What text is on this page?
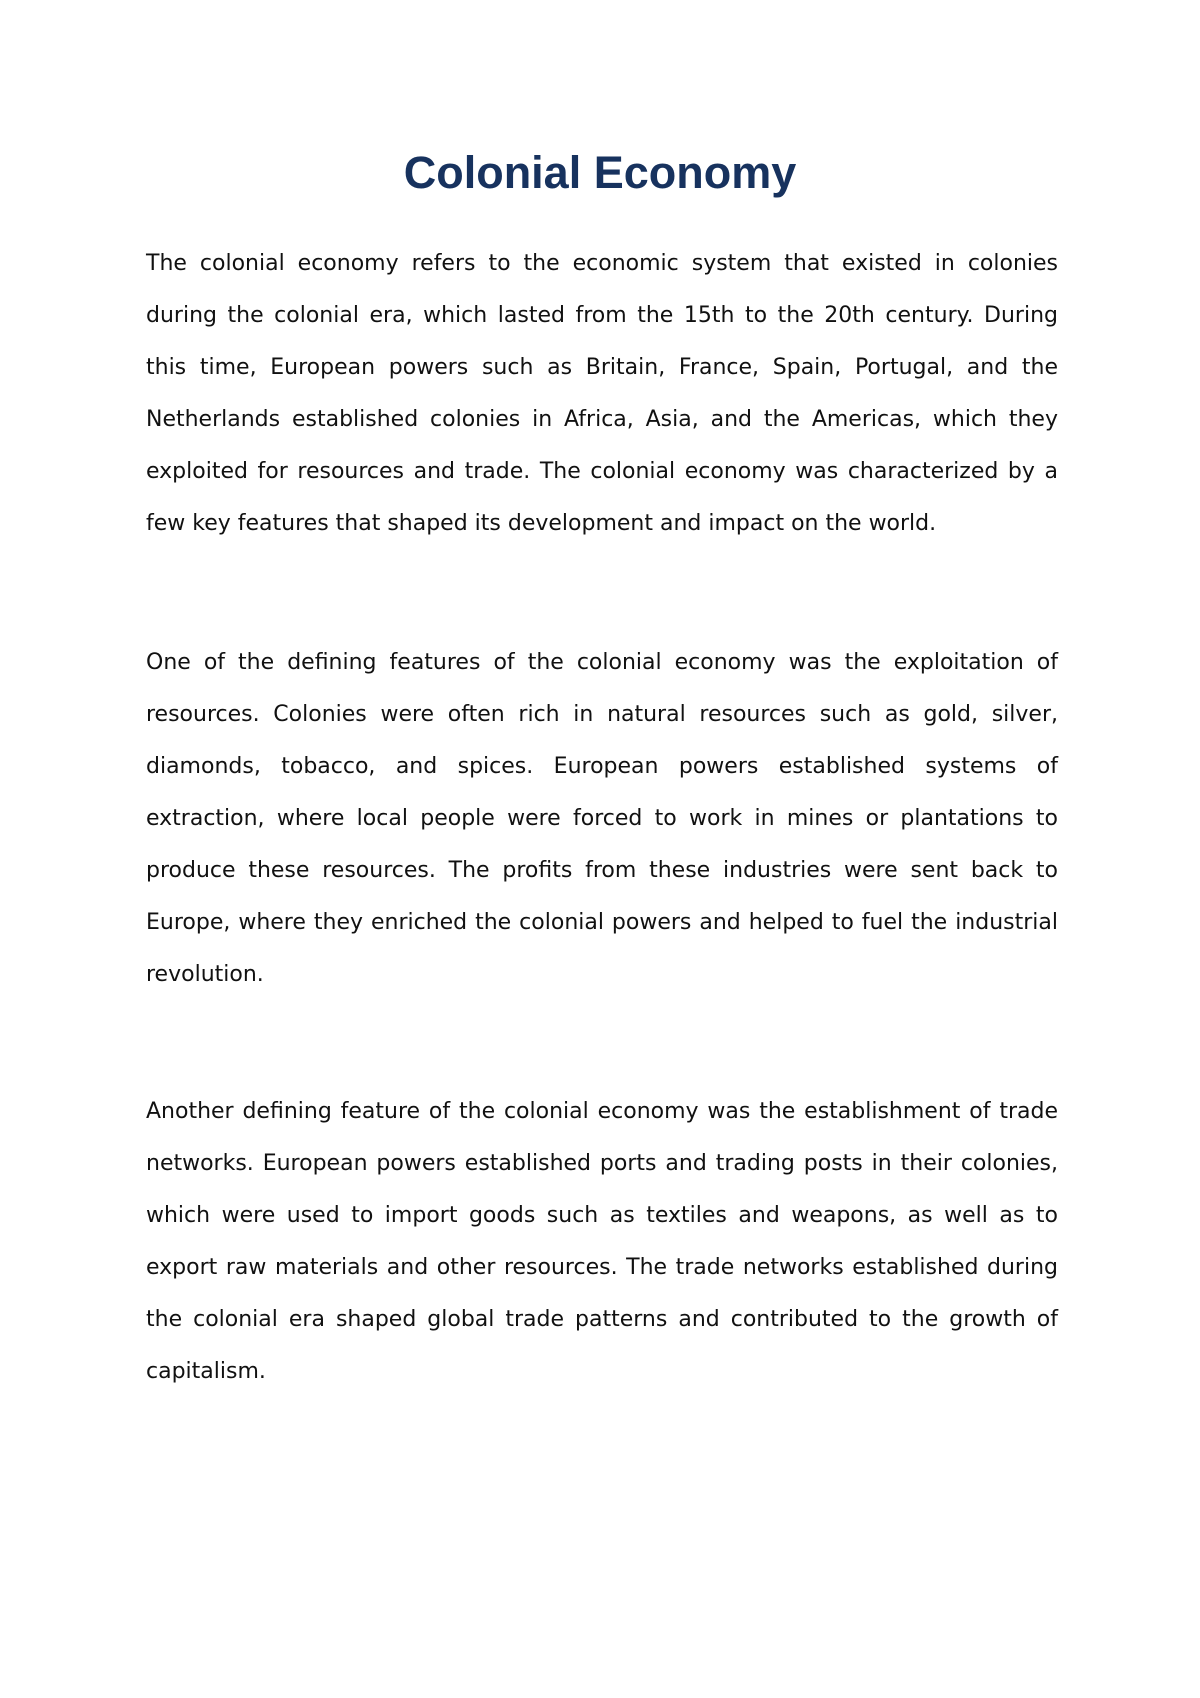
Colonial Economy

The colonial economy refers to the economic system that existed in colonies during the colonial era, which lasted from the 15th to the 20th century. During this time, European powers such as Britain, France, Spain, Portugal, and the Netherlands established colonies in Africa, Asia, and the Americas, which they exploited for resources and trade. The colonial economy was characterized by a few key features that shaped its development and impact on the world.

One of the defining features of the colonial economy was the exploitation of resources. Colonies were often rich in natural resources such as gold, silver, diamonds, tobacco, and spices. European powers established systems of extraction, where local people were forced to work in mines or plantations to produce these resources. The profits from these industries were sent back to Europe, where they enriched the colonial powers and helped to fuel the industrial revolution.

Another defining feature of the colonial economy was the establishment of trade networks. European powers established ports and trading posts in their colonies, which were used to import goods such as textiles and weapons, as well as to export raw materials and other resources. The trade networks established during the colonial era shaped global trade patterns and contributed to the growth of capitalism.
